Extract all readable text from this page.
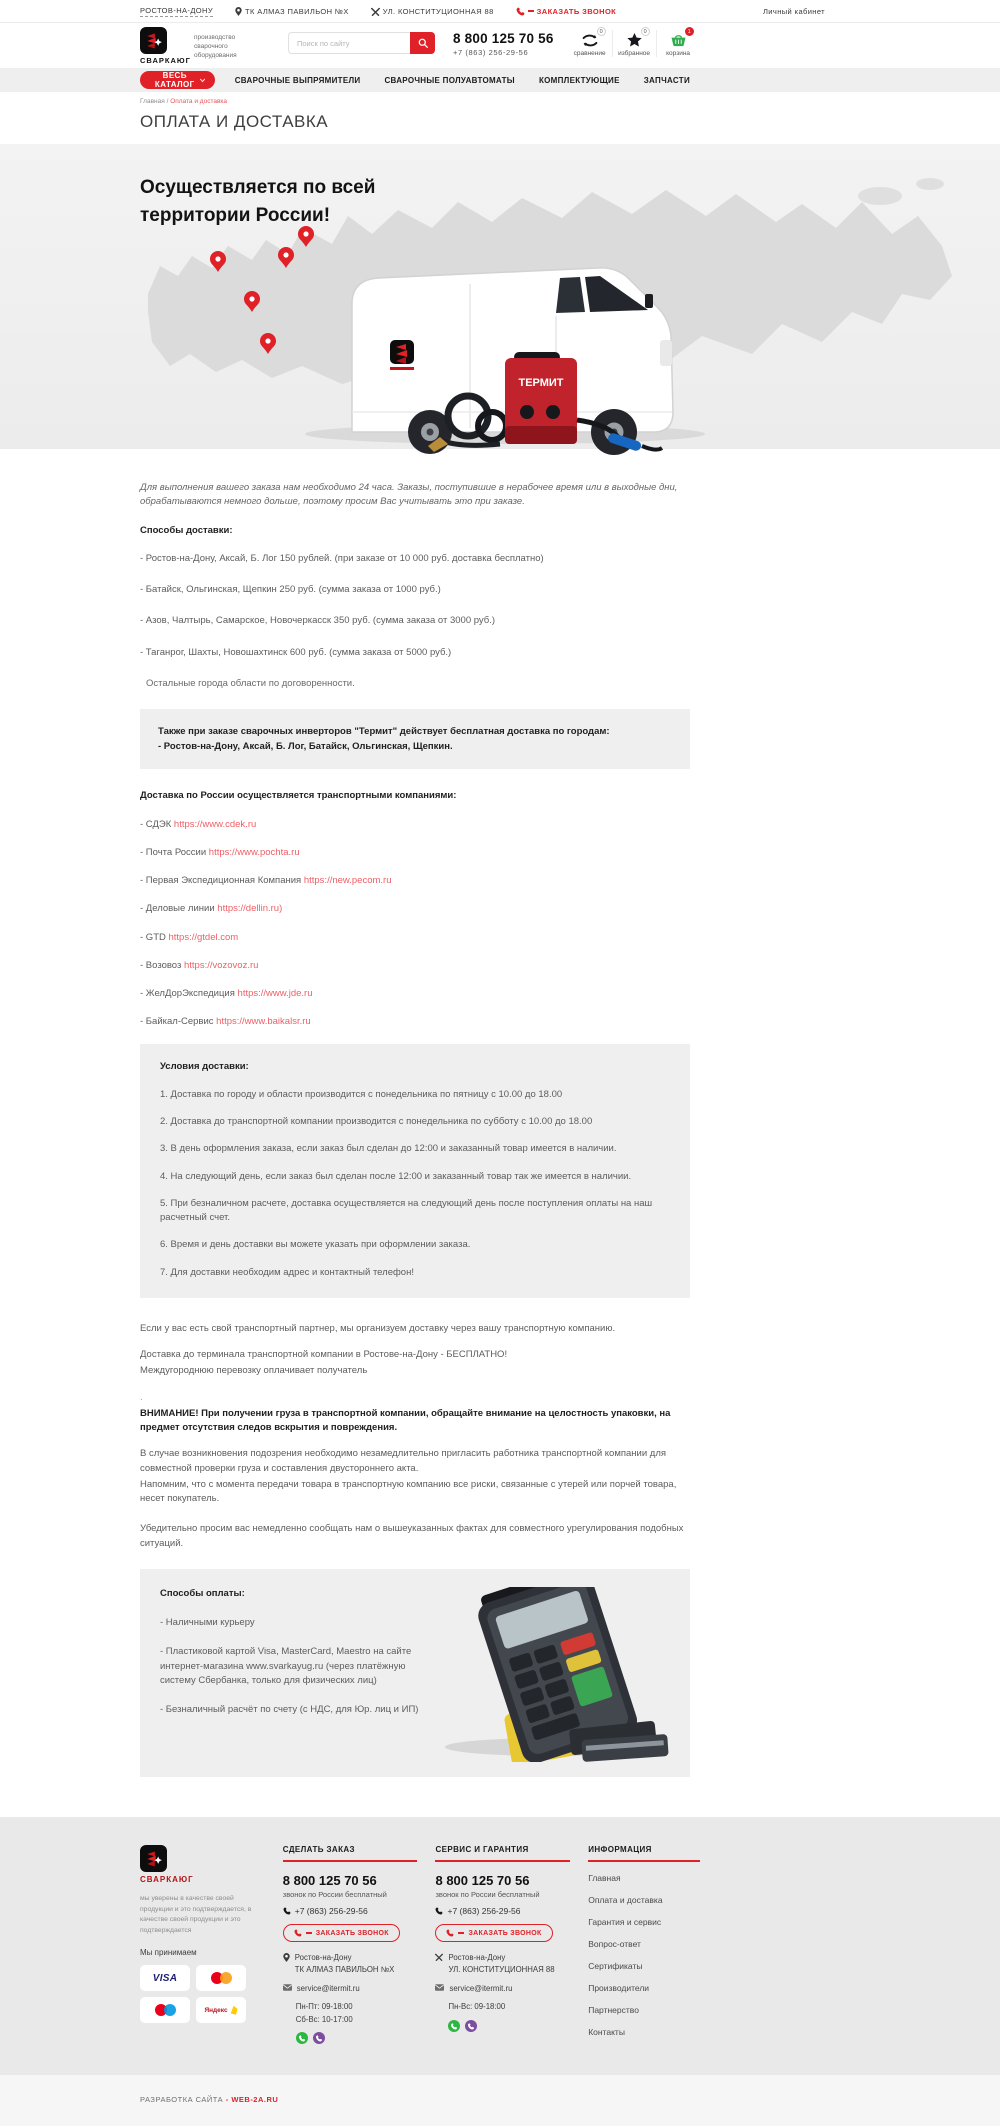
РОСТОВ-НА-ДОНУ	ТК АЛМАЗ ПАВИЛЬОН №Х	УЛ. КОНСТИТУЦИОННАЯ 88	ЗАКАЗАТЬ ЗВОНОК	Личный кабинет
СВАРКАЮГ
производство сварочного оборудования
Поиск по сайту
8 800 125 70 56
+7 (863) 256-29-56
0
сравнение
0
избранное
1
корзина
ВЕСЬ КАТАЛОГ	СВАРОЧНЫЕ ВЫПРЯМИТЕЛИ	СВАРОЧНЫЕ ПОЛУАВТОМАТЫ	КОМПЛЕКТУЮЩИЕ	ЗАПЧАСТИ
Главная / Оплата и доставка
ОПЛАТА И ДОСТАВКА
ТЕРМИТ
Осуществляется по всей
территории России!

Для выполнения вашего заказа нам необходимо 24 часа. Заказы, поступившие в нерабочее время или в выходные дни, обрабатываются немного дольше, поэтому просим Вас учитывать это при заказе.

Способы доставки:
- Ростов-на-Дону, Аксай, Б. Лог 150 рублей. (при заказе от 10 000 руб. доставка бесплатно)
- Батайск, Ольгинская, Щепкин 250 руб. (сумма заказа от 1000 руб.)
- Азов, Чалтырь, Самарское, Новочеркасск 350 руб. (сумма заказа от 3000 руб.)
- Таганрог, Шахты, Новошахтинск 600 руб. (сумма заказа от 5000 руб.)
Остальные города области по договоренности.
Также при заказе сварочных инверторов "Термит" действует бесплатная доставка по городам:
- Ростов-на-Дону, Аксай, Б. Лог, Батайск, Ольгинская, Щепкин.
Доставка по России осуществляется транспортными компаниями:
- СДЭК https://www.cdek.ru
- Почта России https://www.pochta.ru
- Первая Экспедиционная Компания https://new.pecom.ru
- Деловые линии https://dellin.ru)
- GTD https://gtdel.com
- Возовоз https://vozovoz.ru
- ЖелДорЭкспедиция https://www.jde.ru
- Байкал-Сервис https://www.baikalsr.ru
Условия доставки:
1. Доставка по городу и области производится с понедельника по пятницу с 10.00 до 18.00
2. Доставка до транспортной компании производится с понедельника по субботу с 10.00 до 18.00
3. В день оформления заказа, если заказ был сделан до 12:00 и заказанный товар имеется в наличии.
4. На следующий день, если заказ был сделан после 12:00 и заказанный товар так же имеется в наличии.
5. При безналичном расчете, доставка осуществляется на следующий день после поступления оплаты на наш расчетный счет.
6. Время и день доставки вы можете указать при оформлении заказа.
7. Для доставки необходим адрес и контактный телефон!

Если у вас есть свой транспортный партнер, мы организуем доставку через вашу транспортную компанию.

Доставка до терминала транспортной компании в Ростове-на-Дону - БЕСПЛАТНО!

Междугороднюю перевозку оплачивает получатель

.

ВНИМАНИЕ! При получении груза в транспортной компании, обращайте внимание на целостность упаковки, на предмет отсутствия следов вскрытия и повреждения.

В случае возникновения подозрения необходимо незамедлительно пригласить работника транспортной компании для совместной проверки груза и составления двустороннего акта.

Напомним, что с момента передачи товара в транспортную компанию все риски, связанные с утерей или порчей товара, несет покупатель.

Убедительно просим вас немедленно сообщать нам о вышеуказанных фактах для совместного урегулирования подобных ситуаций.

Способы оплаты:
- Наличными курьеру
- Пластиковой картой Visa, MasterCard, Maestro на сайте интернет-магазина www.svarkayug.ru (через платёжную систему Сбербанка, только для физических лиц)
- Безналичный расчёт по счету (с НДС, для Юр. лиц и ИП)
СВАРКАЮГ
мы уверены в качестве своей продукции и это подтверждается, в качестве своей продукции и это подтверждается
Мы принимаем
VISA
Яндекс
СДЕЛАТЬ ЗАКАЗ
8 800 125 70 56
звонок по России бесплатный
+7 (863) 256-29-56
ЗАКАЗАТЬ ЗВОНОК
Ростов-на-Дону
ТК АЛМАЗ ПАВИЛЬОН №Х
service@itermit.ru
Пн-Пт: 09-18:00
Сб-Вс: 10-17:00
СЕРВИС И ГАРАНТИЯ
8 800 125 70 56
звонок по России бесплатный
+7 (863) 256-29-56
ЗАКАЗАТЬ ЗВОНОК
Ростов-на-Дону
УЛ. КОНСТИТУЦИОННАЯ 88
service@itermit.ru
Пн-Вс: 09-18:00
ИНФОРМАЦИЯ
Главная
Оплата и доставка
Гарантия и сервис
Вопрос-ответ
Сертификаты
Производители
Партнерство
Контакты
РАЗРАБОТКА САЙТА - WEB-2A.RU
